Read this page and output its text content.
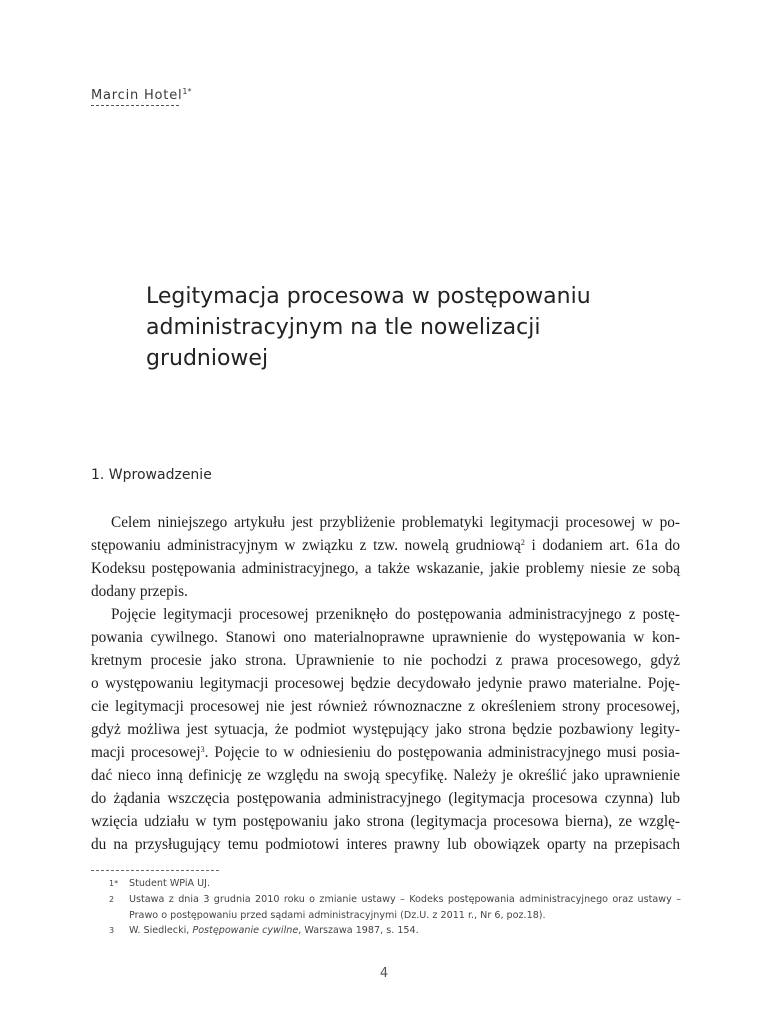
Marcin Hotel$^{1*}$
Legitymacja procesowa w postępowaniu
administracyjnym na tle nowelizacji
grudniowej
1. Wprowadzenie
Celem niniejszego artykułu jest przybliżenie problematyki legitymacji procesowej w po-
stępowaniu administracyjnym w związku z tzw. nowelą grudniową$^2$ i dodaniem art. 61a do
Kodeksu postępowania administracyjnego, a także wskazanie, jakie problemy niesie ze sobą
dodany przepis.
Pojęcie legitymacji procesowej przeniknęło do postępowania administracyjnego z postę-
powania cywilnego. Stanowi ono materialnoprawne uprawnienie do występowania w kon-
kretnym procesie jako strona. Uprawnienie to nie pochodzi z prawa procesowego, gdyż
o występowaniu legitymacji procesowej będzie decydowało jedynie prawo materialne. Poję-
cie legitymacji procesowej nie jest również równoznaczne z określeniem strony procesowej,
gdyż możliwa jest sytuacja, że podmiot występujący jako strona będzie pozbawiony legity-
macji procesowej$^3$. Pojęcie to w odniesieniu do postępowania administracyjnego musi posia-
dać nieco inną definicję ze względu na swoją specyfikę. Należy je określić jako uprawnienie
do żądania wszczęcia postępowania administracyjnego (legitymacja procesowa czynna) lub
wzięcia udziału w tym postępowaniu jako strona (legitymacja procesowa bierna), ze wzglę-
du na przysługujący temu podmiotowi interes prawny lub obowiązek oparty na przepisach
1* Student WPiA UJ.
2 Ustawa z dnia 3 grudnia 2010 roku o zmianie ustawy – Kodeks postępowania administracyjnego oraz ustawy –
Prawo o postępowaniu przed sądami administracyjnymi (Dz.U. z 2011 r., Nr 6, poz.18).
3 W. Siedlecki, Postępowanie cywilne, Warszawa 1987, s. 154.
4
